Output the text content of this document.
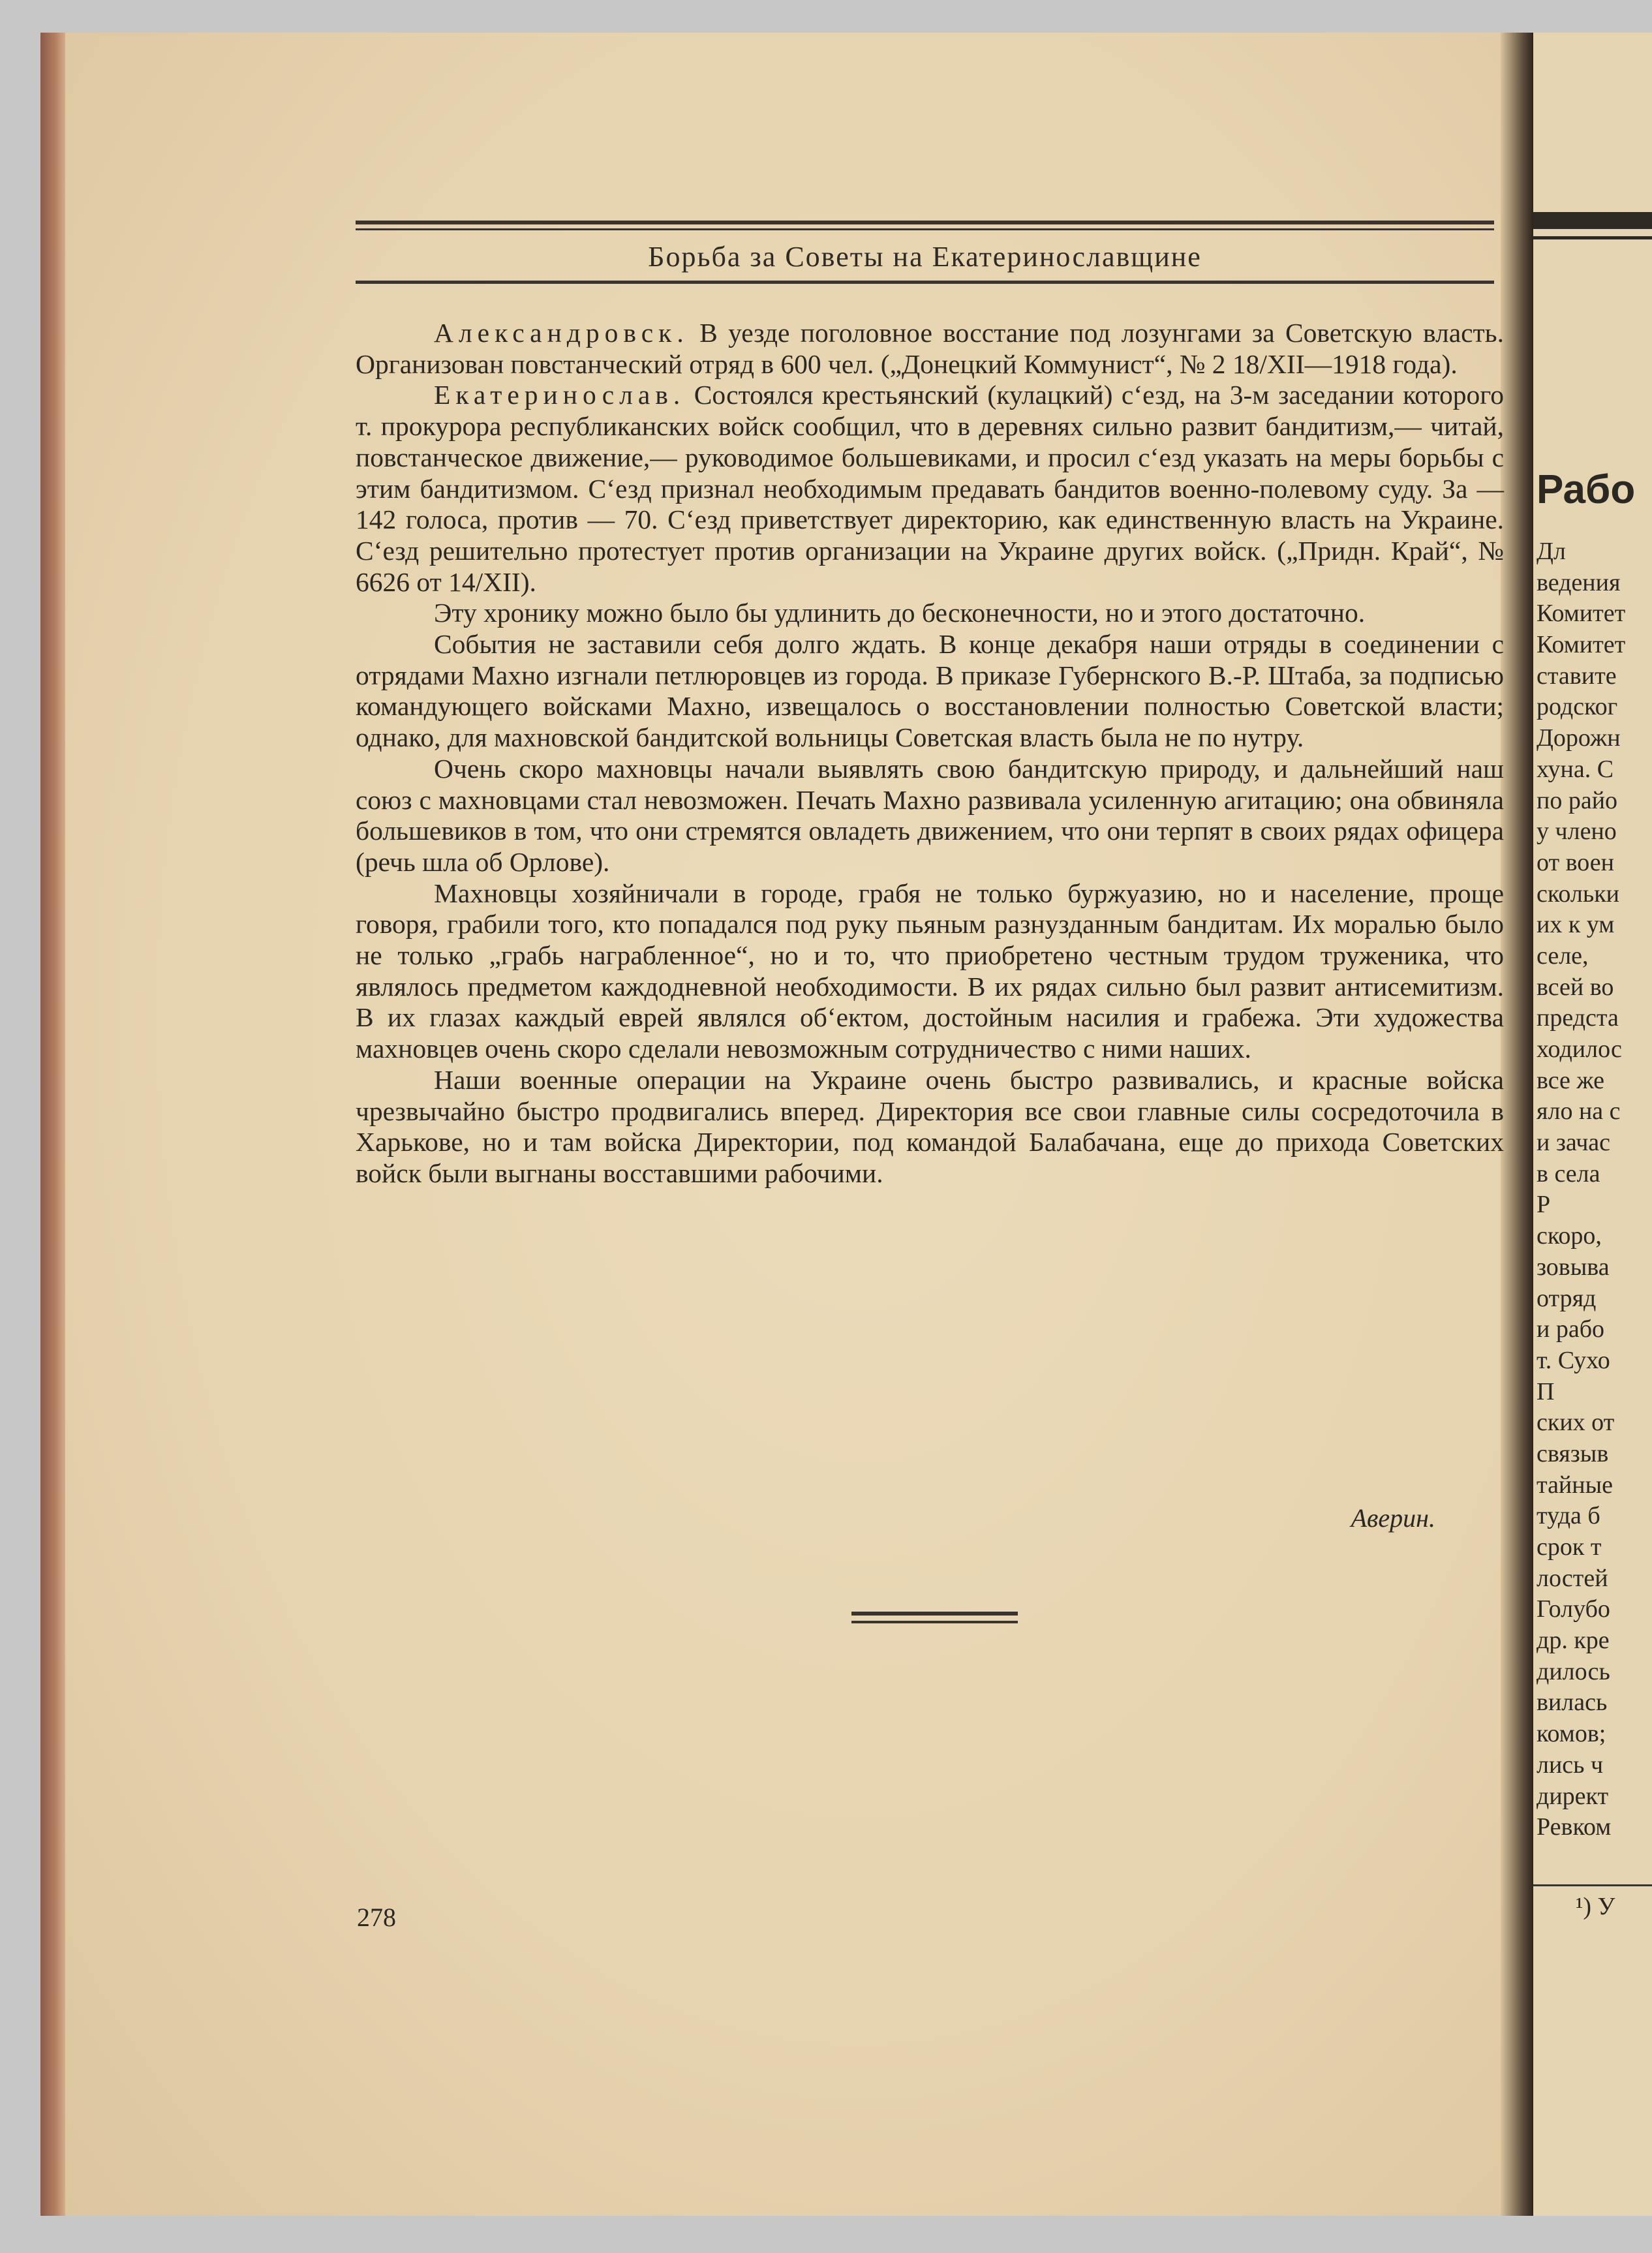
Борьба за Советы на Екатеринославщине

Александровск. В уезде поголовное восстание под лозунгами за Советскую власть. Организован повстанческий отряд в 600 чел. („Донецкий Коммунист“, № 2 18/XII—1918 года).

Екатеринослав. Состоялся крестьянский (кулацкий) с‘езд, на 3-м заседании которого т. прокурора республиканских войск сообщил, что в деревнях сильно развит бандитизм,— читай, повстанческое движение,— руководимое большевиками, и просил с‘езд указать на меры борьбы с этим бандитизмом. С‘езд признал необходимым предавать бандитов военно-полевому суду. За — 142 голоса, против — 70. С‘езд приветствует директорию, как единственную власть на Украине. С‘езд решительно протестует против организации на Украине других войск. („Придн. Край“, № 6626 от 14/XII).

Эту хронику можно было бы удлинить до бесконечности, но и этого достаточно.

События не заставили себя долго ждать. В конце декабря наши отряды в соединении с отрядами Махно изгнали петлюровцев из города. В приказе Губернского В.-Р. Штаба, за подписью командующего войсками Махно, извещалось о восстановлении полностью Советской власти; однако, для махновской бандитской вольницы Советская власть была не по нутру.

Очень скоро махновцы начали выявлять свою бандитскую природу, и дальнейший наш союз с махновцами стал невозможен. Печать Махно развивала усиленную агитацию; она обвиняла большевиков в том, что они стремятся овладеть движением, что они терпят в своих рядах офицера (речь шла об Орлове).

Махновцы хозяйничали в городе, грабя не только буржуазию, но и население, проще говоря, грабили того, кто попадался под руку пьяным разнузданным бандитам. Их моралью было не только „грабь награбленное“, но и то, что приобретено честным трудом труженика, что являлось предметом каждодневной необходимости. В их рядах сильно был развит антисемитизм. В их глазах каждый еврей являлся об‘ектом, достойным насилия и грабежа. Эти художества махновцев очень скоро сделали невозможным сотрудничество с ними наших.

Наши военные операции на Украине очень быстро развивались, и красные войска чрезвычайно быстро продвигались вперед. Директория все свои главные силы сосредоточила в Харькове, но и там войска Директории, под командой Балабачана, еще до прихода Советских войск были выгнаны восставшими рабочими.

Аверин.
278
Рабо
Дл
ведения
Комитет
Комитет
ставите
родског
Дорожн
хуна. С
по райо
у члено
от воен
скольки
их к ум
селе,
всей во
предста
ходилос
все же
яло на с
и зачас
в села
Р
скоро,
зовыва
отряд
и рабо
т. Сухо
П
ских от
связыв
тайные
туда б
срок т
лостей
Голубо
др. кре
дилось
вилась
комов;
лись ч
директ
Ревком
¹) У
